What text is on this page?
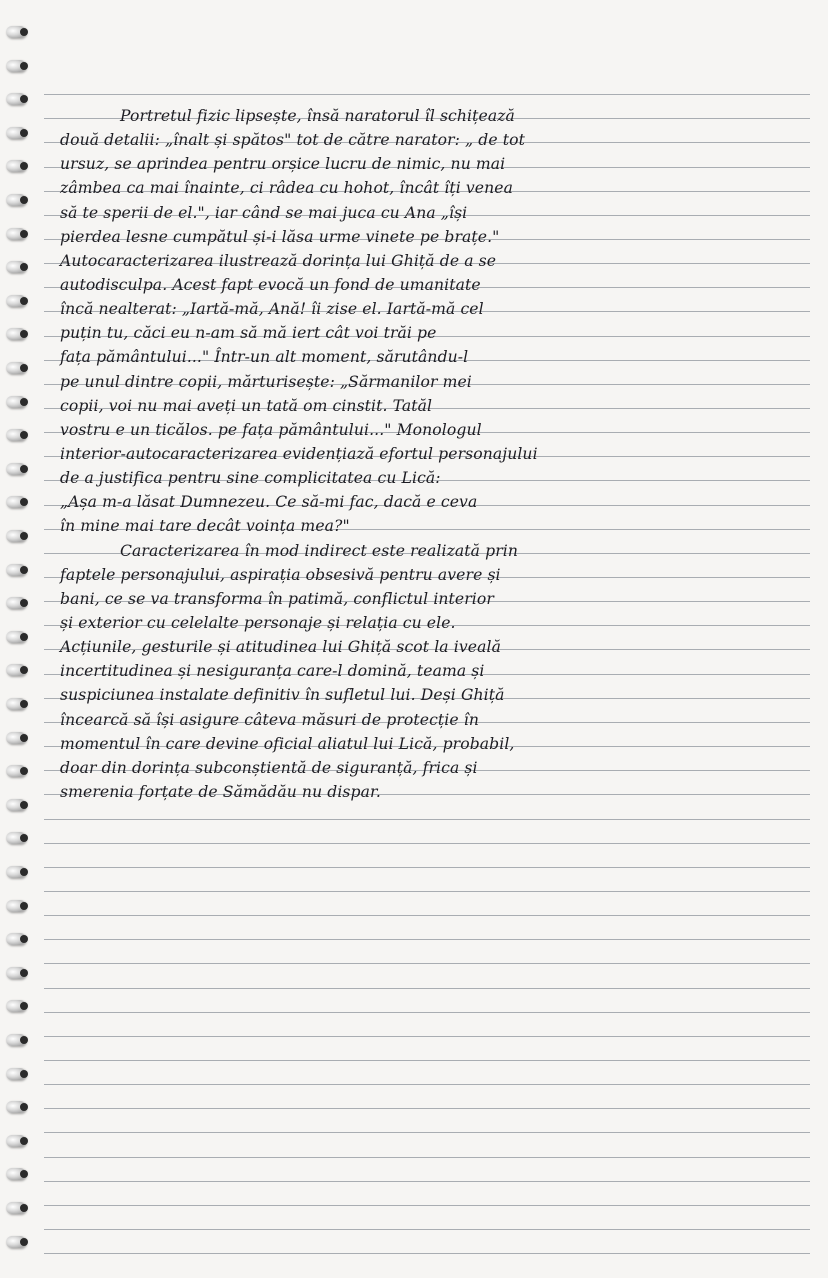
Portretul fizic lipsește, însă naratorul îl schițează
două detalii: „înalt și spătos" tot de către narator: „ de tot
ursuz, se aprindea pentru orșice lucru de nimic, nu mai
zâmbea ca mai înainte, ci râdea cu hohot, încât îți venea
să te sperii de el.", iar când se mai juca cu Ana „își
pierdea lesne cumpătul și-i lăsa urme vinete pe brațe."
Autocaracterizarea ilustrează dorința lui Ghiță de a se
autodisculpa. Acest fapt evocă un fond de umanitate
încă nealterat: „Iartă-mă, Ană! îi zise el. Iartă-mă cel
puțin tu, căci eu n-am să mă iert cât voi trăi pe
fața pământului..." Într-un alt moment, sărutându-l
pe unul dintre copii, mărturisește: „Sărmanilor mei
copii, voi nu mai aveți un tată om cinstit. Tatăl
vostru e un ticălos. pe fața pământului..." Monologul
interior-autocaracterizarea evidențiază efortul personajului
de a justifica pentru sine complicitatea cu Lică:
„Așa m-a lăsat Dumnezeu. Ce să-mi fac, dacă e ceva
în mine mai tare decât voința mea?"
Caracterizarea în mod indirect este realizată prin
faptele personajului, aspirația obsesivă pentru avere și
bani, ce se va transforma în patimă, conflictul interior
și exterior cu celelalte personaje și relația cu ele.
Acțiunile, gesturile și atitudinea lui Ghiță scot la iveală
incertitudinea și nesiguranța care-l domină, teama și
suspiciunea instalate definitiv în sufletul lui. Deși Ghiță
încearcă să își asigure câteva măsuri de protecție în
momentul în care devine oficial aliatul lui Lică, probabil,
doar din dorința subconștientă de siguranță, frica și
smerenia forțate de Sămădău nu dispar.
